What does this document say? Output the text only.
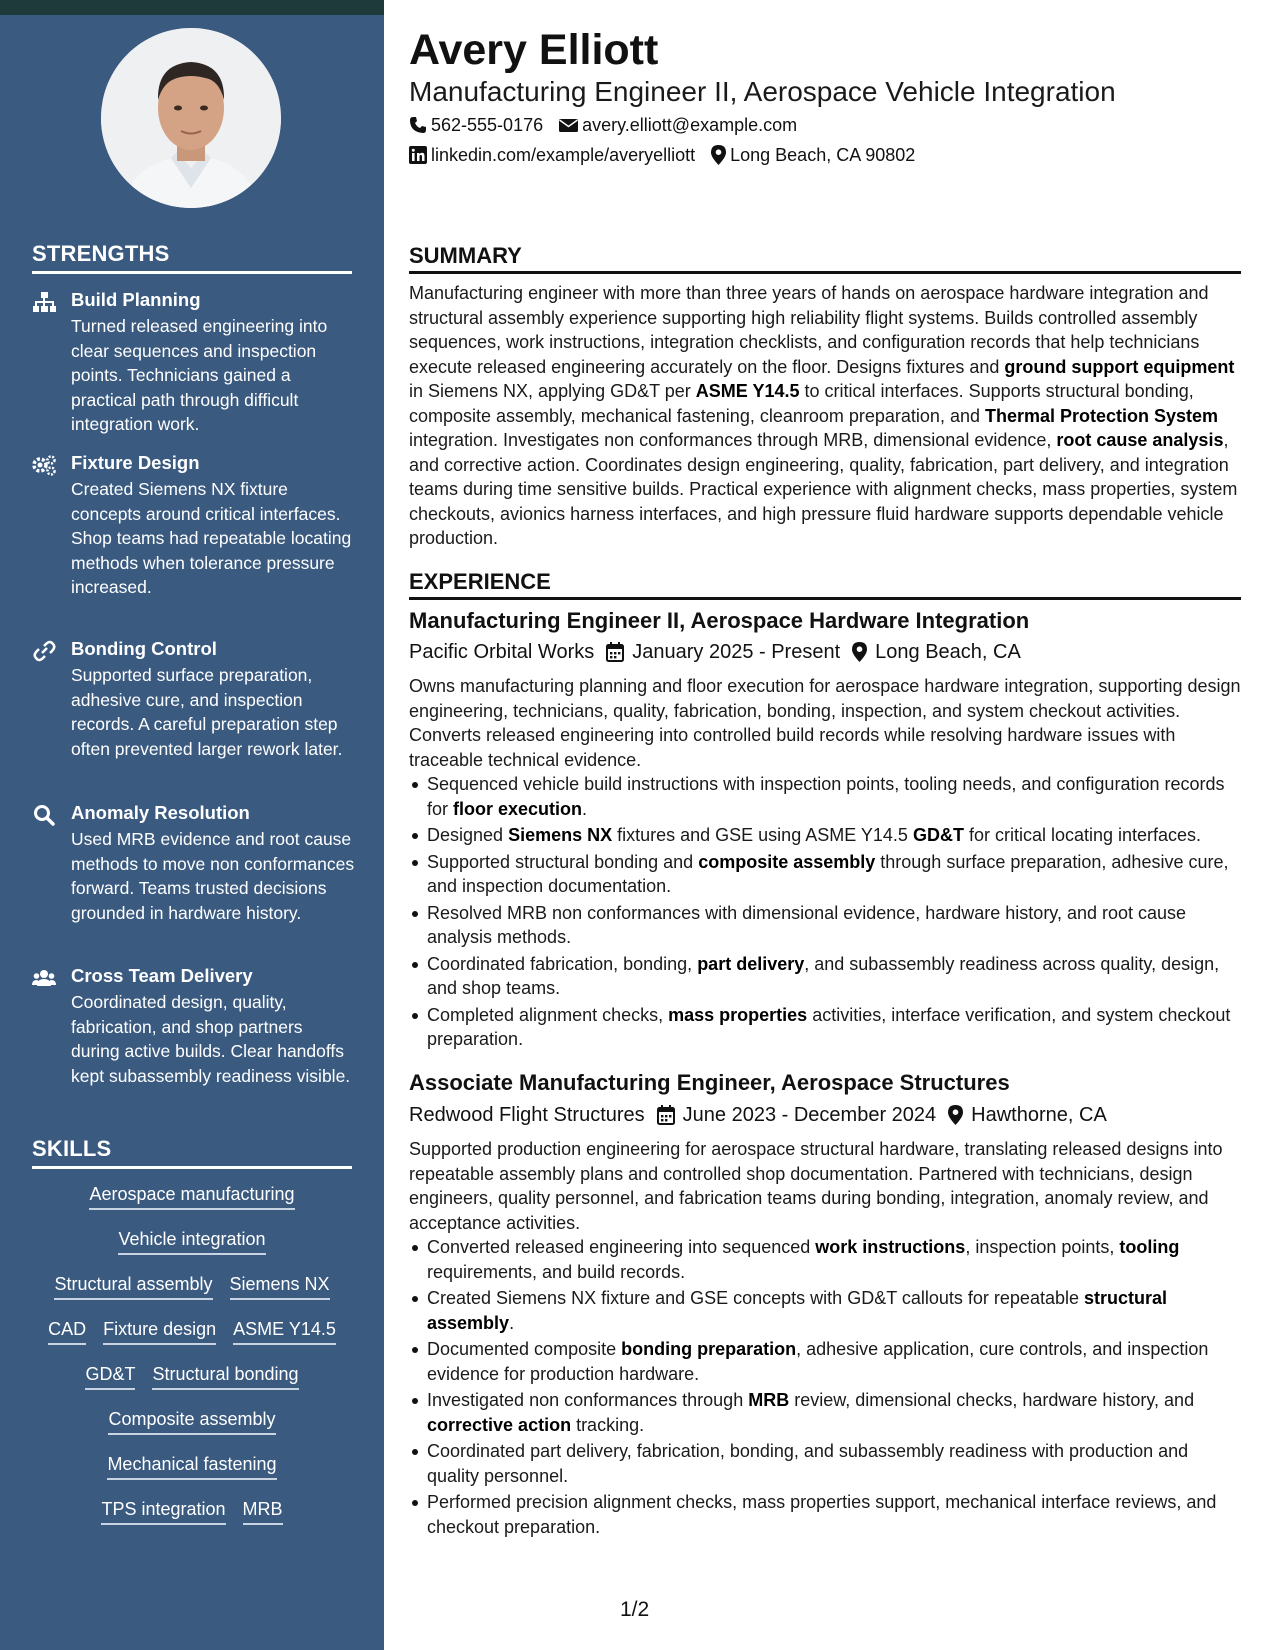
STRENGTHS
Build Planning
Turned released engineering into clear sequences and inspection points. Technicians gained a practical path through difficult integration work.
Fixture Design
Created Siemens NX fixture concepts around critical interfaces. Shop teams had repeatable locating methods when tolerance pressure increased.
Bonding Control
Supported surface preparation, adhesive cure, and inspection records. A careful preparation step often prevented larger rework later.
Anomaly Resolution
Used MRB evidence and root cause methods to move non conformances forward. Teams trusted decisions grounded in hardware history.
Cross Team Delivery
Coordinated design, quality, fabrication, and shop partners during active builds. Clear handoffs kept subassembly readiness visible.
SKILLS
Aerospace manufacturing
Vehicle integration
Structural assembly Siemens NX
CAD Fixture design ASME Y14.5
GD&T Structural bonding
Composite assembly
Mechanical fastening
TPS integration MRB
Avery Elliott
Manufacturing Engineer II, Aerospace Vehicle Integration
562-555-0176 avery.elliott@example.com
linkedin.com/example/averyelliott Long Beach, CA 90802
SUMMARY
Manufacturing engineer with more than three years of hands on aerospace hardware integration and structural assembly experience supporting high reliability flight systems. Builds controlled assembly sequences, work instructions, integration checklists, and configuration records that help technicians execute released engineering accurately on the floor. Designs fixtures and ground support equipment in Siemens NX, applying GD&T per ASME Y14.5 to critical interfaces. Supports structural bonding, composite assembly, mechanical fastening, cleanroom preparation, and Thermal Protection System integration. Investigates non conformances through MRB, dimensional evidence, root cause analysis, and corrective action. Coordinates design engineering, quality, fabrication, part delivery, and integration teams during time sensitive builds. Practical experience with alignment checks, mass properties, system checkouts, avionics harness interfaces, and high pressure fluid hardware supports dependable vehicle production.
EXPERIENCE
Manufacturing Engineer II, Aerospace Hardware Integration
Pacific Orbital Works January 2025 - Present Long Beach, CA
Owns manufacturing planning and floor execution for aerospace hardware integration, supporting design engineering, technicians, quality, fabrication, bonding, inspection, and system checkout activities. Converts released engineering into controlled build records while resolving hardware issues with traceable technical evidence.
Sequenced vehicle build instructions with inspection points, tooling needs, and configuration records for floor execution.
Designed Siemens NX fixtures and GSE using ASME Y14.5 GD&T for critical locating interfaces.
Supported structural bonding and composite assembly through surface preparation, adhesive cure, and inspection documentation.
Resolved MRB non conformances with dimensional evidence, hardware history, and root cause analysis methods.
Coordinated fabrication, bonding, part delivery, and subassembly readiness across quality, design, and shop teams.
Completed alignment checks, mass properties activities, interface verification, and system checkout preparation.
Associate Manufacturing Engineer, Aerospace Structures
Redwood Flight Structures June 2023 - December 2024 Hawthorne, CA
Supported production engineering for aerospace structural hardware, translating released designs into repeatable assembly plans and controlled shop documentation. Partnered with technicians, design engineers, quality personnel, and fabrication teams during bonding, integration, anomaly review, and acceptance activities.
Converted released engineering into sequenced work instructions, inspection points, tooling requirements, and build records.
Created Siemens NX fixture and GSE concepts with GD&T callouts for repeatable structural assembly.
Documented composite bonding preparation, adhesive application, cure controls, and inspection evidence for production hardware.
Investigated non conformances through MRB review, dimensional checks, hardware history, and corrective action tracking.
Coordinated part delivery, fabrication, bonding, and subassembly readiness with production and quality personnel.
Performed precision alignment checks, mass properties support, mechanical interface reviews, and checkout preparation.
1/2
